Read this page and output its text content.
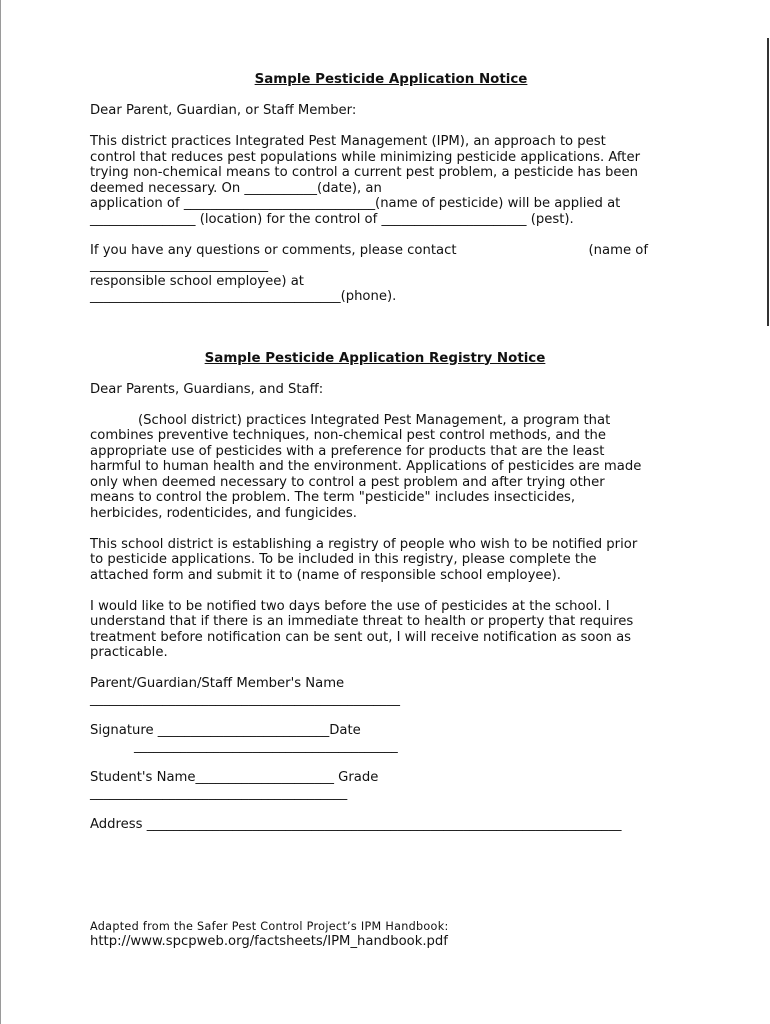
Sample Pesticide Application Notice

Dear Parent, Guardian, or Staff Member:

This district practices Integrated Pest Management (IPM), an approach to pest

control that reduces pest populations while minimizing pesticide applications. After

trying non-chemical means to control a current pest problem, a pesticide has been

deemed necessary. On ___________(date), an

application of _____________________________(name of pesticide) will be applied at

________________ (location) for the control of ______________________ (pest).

If you have any questions or comments, please contact	(name of

___________________________

responsible school employee) at

______________________________________(phone).

Sample Pesticide Application Registry Notice

Dear Parents, Guardians, and Staff:

(School district) practices Integrated Pest Management, a program that

combines preventive techniques, non-chemical pest control methods, and the

appropriate use of pesticides with a preference for products that are the least

harmful to human health and the environment. Applications of pesticides are made

only when deemed necessary to control a pest problem and after trying other

means to control the problem. The term "pesticide" includes insecticides,

herbicides, rodenticides, and fungicides.

This school district is establishing a registry of people who wish to be notified prior

to pesticide applications. To be included in this registry, please complete the

attached form and submit it to (name of responsible school employee).

I would like to be notified two days before the use of pesticides at the school. I

understand that if there is an immediate threat to health or property that requires

treatment before notification can be sent out, I will receive notification as soon as

practicable.

Parent/Guardian/Staff Member's Name

_______________________________________________

Signature __________________________Date

________________________________________

Student's Name_____________________ Grade

_______________________________________

Address ________________________________________________________________________

Adapted from the Safer Pest Control Project’s IPM Handbook:

http://www.spcpweb.org/factsheets/IPM_handbook.pdf
